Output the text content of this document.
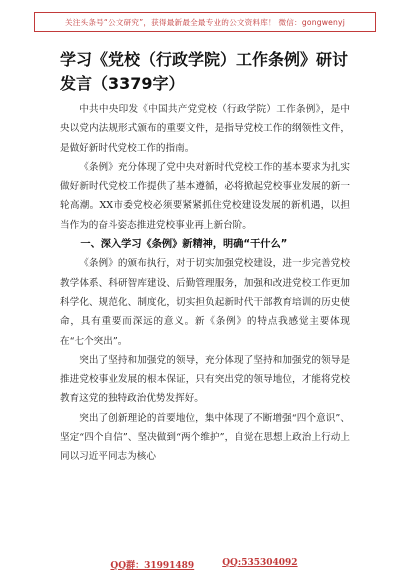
关注头条号“公文研究”，获得最新最全最专业的公文资料库！ 微信：gongwenyj
学习《党校（行政学院）工作条例》研讨发言（3379字）

中共中央印发《中国共产党党校（行政学院）工作条例》，是中央以党内法规形式颁布的重要文件，是指导党校工作的纲领性文件，是做好新时代党校工作的指南。

《条例》充分体现了党中央对新时代党校工作的基本要求为扎实做好新时代党校工作提供了基本遵循，必将掀起党校事业发展的新一轮高潮。XX市委党校必须要紧紧抓住党校建设发展的新机遇，以担当作为的奋斗姿态推进党校事业再上新台阶。

一、深入学习《条例》新精神，明确“干什么”

《条例》的颁布执行，对于切实加强党校建设，进一步完善党校教学体系、科研智库建设、后勤管理服务，加强和改进党校工作更加科学化、规范化、制度化，切实担负起新时代干部教育培训的历史使命，具有重要而深远的意义。新《条例》的特点我感觉主要体现在“七个突出”。

突出了坚持和加强党的领导，充分体现了坚持和加强党的领导是推进党校事业发展的根本保证，只有突出党的领导地位，才能将党校教育这党的独特政治优势发挥好。

突出了创新理论的首要地位，集中体现了不断增强“四个意识”、坚定“四个自信”、坚决做到“两个维护”，自觉在思想上政治上行动上同以习近平同志为核心

QQ群：31991489	QQ:535304092
